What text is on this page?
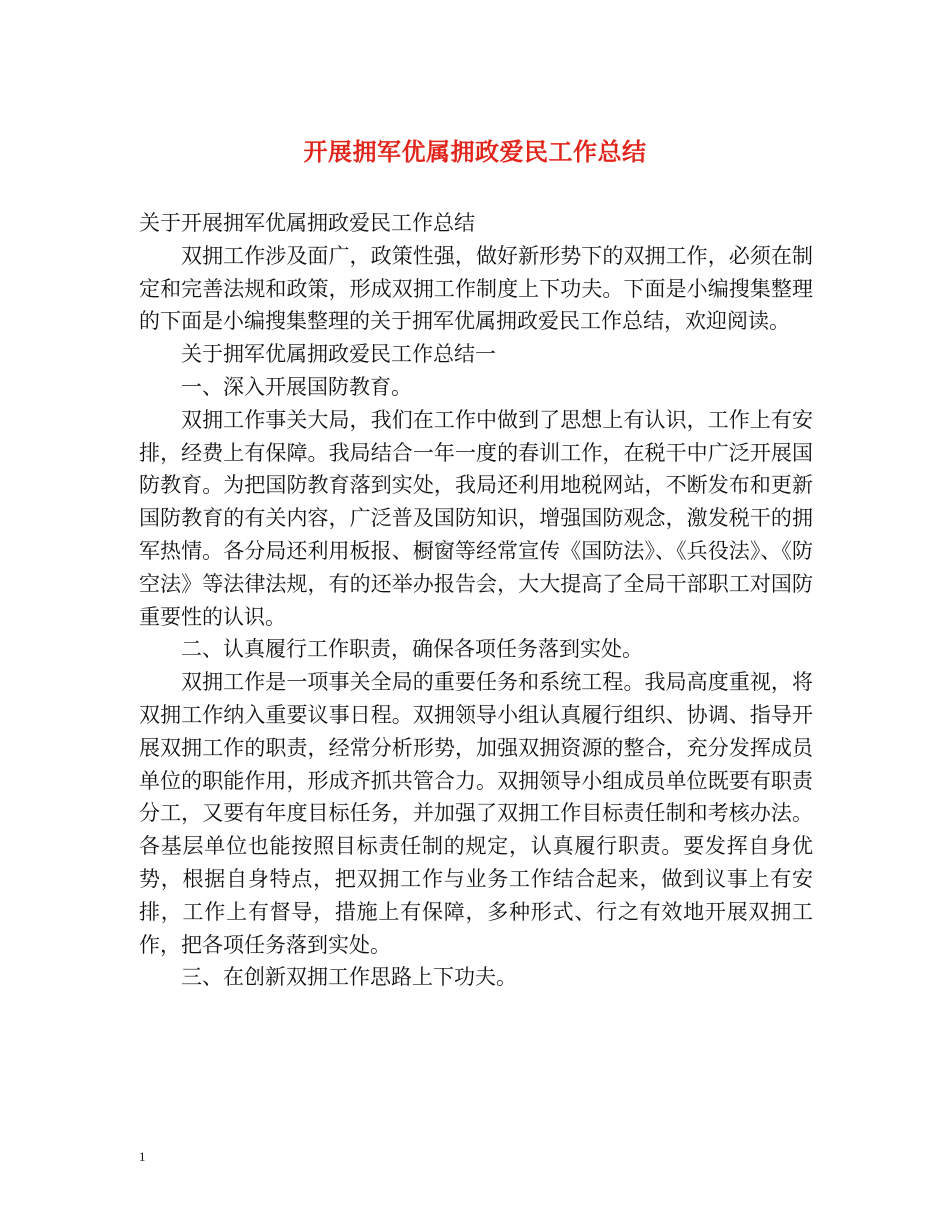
开展拥军优属拥政爱民工作总结

关于开展拥军优属拥政爱民工作总结

双拥工作涉及面广，政策性强，做好新形势下的双拥工作，必须在制定和完善法规和政策，形成双拥工作制度上下功夫。下面是小编搜集整理的下面是小编搜集整理的关于拥军优属拥政爱民工作总结，欢迎阅读。

关于拥军优属拥政爱民工作总结一

一、深入开展国防教育。

双拥工作事关大局，我们在工作中做到了思想上有认识，工作上有安排，经费上有保障。我局结合一年一度的春训工作，在税干中广泛开展国防教育。为把国防教育落到实处，我局还利用地税网站，不断发布和更新国防教育的有关内容，广泛普及国防知识，增强国防观念，激发税干的拥军热情。各分局还利用板报、橱窗等经常宣传《国防法》、《兵役法》、《防空法》等法律法规，有的还举办报告会，大大提高了全局干部职工对国防重要性的认识。

二、认真履行工作职责，确保各项任务落到实处。

双拥工作是一项事关全局的重要任务和系统工程。我局高度重视，将双拥工作纳入重要议事日程。双拥领导小组认真履行组织、协调、指导开展双拥工作的职责，经常分析形势，加强双拥资源的整合，充分发挥成员单位的职能作用，形成齐抓共管合力。双拥领导小组成员单位既要有职责分工，又要有年度目标任务，并加强了双拥工作目标责任制和考核办法。各基层单位也能按照目标责任制的规定，认真履行职责。要发挥自身优势，根据自身特点，把双拥工作与业务工作结合起来，做到议事上有安排，工作上有督导，措施上有保障，多种形式、行之有效地开展双拥工作，把各项任务落到实处。

三、在创新双拥工作思路上下功夫。

1
